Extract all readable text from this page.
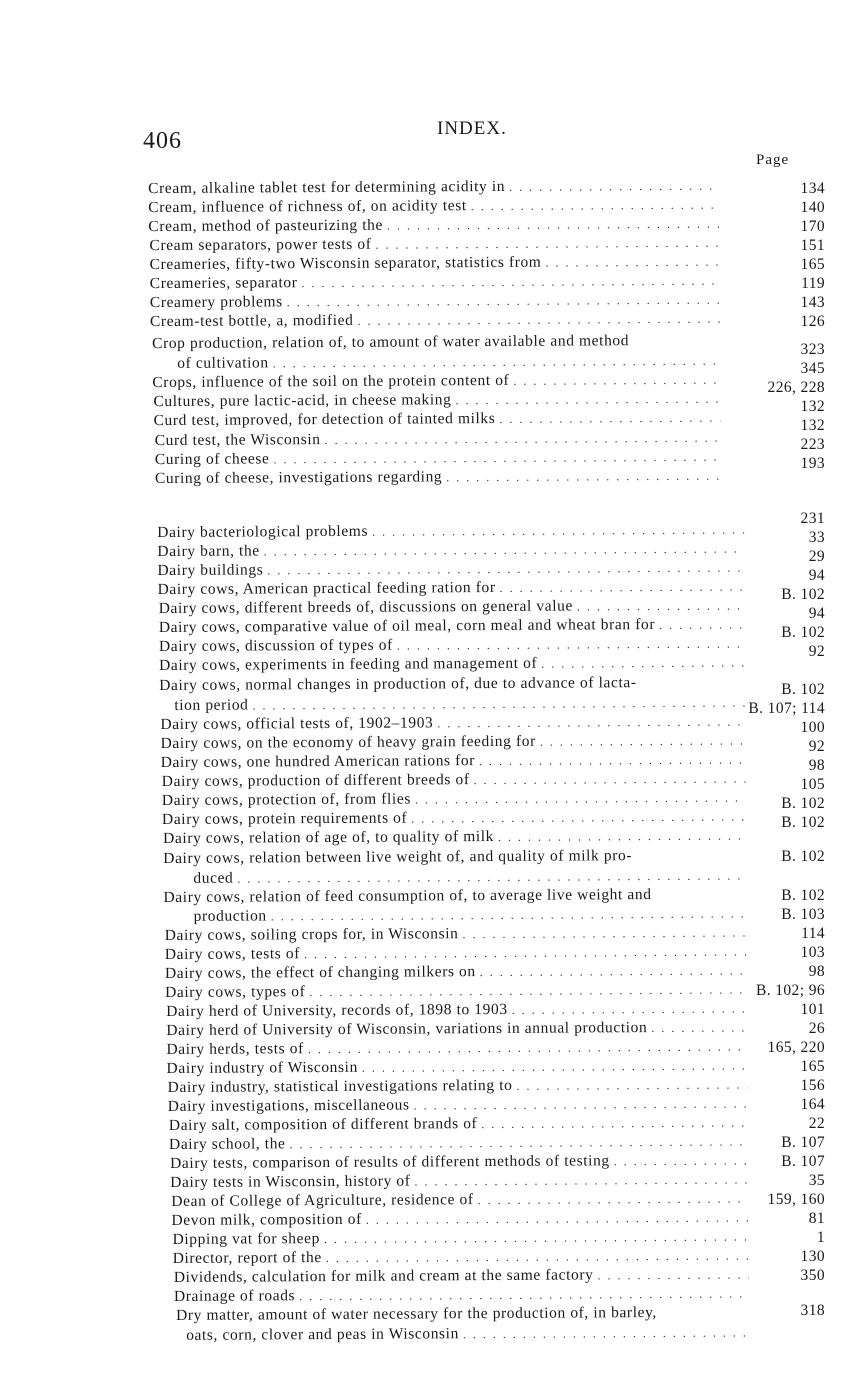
406	INDEX.
Page
Cream, alkaline tablet test for determining acidity in
. . .
Cream, influence of richness of, on acidity test
. . .
Cream, method of pasteurizing the
. . .
Cream separators, power tests of
. . .
Creameries, fifty-two Wisconsin separator, statistics from
. . .
Creameries, separator
. . .
Creamery problems
. . .
Cream-test bottle, a, modified
. . .
Crop production, relation of, to amount of water available and method
of cultivation
. . .
Crops, influence of the soil on the protein content of
. . .
Cultures, pure lactic-acid, in cheese making
. . .
Curd test, improved, for detection of tainted milks
. . .
Curd test, the Wisconsin
. . .
Curing of cheese
. . .
Curing of cheese, investigations regarding
. . .
Dairy bacteriological problems
. . .
Dairy barn, the
. . .
Dairy buildings
. . .
Dairy cows, American practical feeding ration for
. . .
Dairy cows, different breeds of, discussions on general value
. . .
Dairy cows, comparative value of oil meal, corn meal and wheat bran for
. . .
Dairy cows, discussion of types of
. . .
Dairy cows, experiments in feeding and management of
. . .
Dairy cows, normal changes in production of, due to advance of lacta-
tion period
. . .
Dairy cows, official tests of, 1902–1903
. . .
Dairy cows, on the economy of heavy grain feeding for
. . .
Dairy cows, one hundred American rations for
. . .
Dairy cows, production of different breeds of
. . .
Dairy cows, protection of, from flies
. . .
Dairy cows, protein requirements of
. . .
Dairy cows, relation of age of, to quality of milk
. . .
Dairy cows, relation between live weight of, and quality of milk pro-
duced
. . .
Dairy cows, relation of feed consumption of, to average live weight and
production
. . .
Dairy cows, soiling crops for, in Wisconsin
. . .
Dairy cows, tests of
. . .
Dairy cows, the effect of changing milkers on
. . .
Dairy cows, types of
. . .
Dairy herd of University, records of, 1898 to 1903
. . .
Dairy herd of University of Wisconsin, variations in annual production
. . .
Dairy herds, tests of
. . .
Dairy industry of Wisconsin
. . .
Dairy industry, statistical investigations relating to
. . .
Dairy investigations, miscellaneous
. . .
Dairy salt, composition of different brands of
. . .
Dairy school, the
. . .
Dairy tests, comparison of results of different methods of testing
. . .
Dairy tests in Wisconsin, history of
. . .
Dean of College of Agriculture, residence of
. . .
Devon milk, composition of
. . .
Dipping vat for sheep
. . .
Director, report of the
. . .
Dividends, calculation for milk and cream at the same factory
. . .
Drainage of roads
. . .
Dry matter, amount of water necessary for the production of, in barley,
oats, corn, clover and peas in Wisconsin
. . .
134
140
170
151
165
119
143
126
323
345
226, 228
132
132
223
193
231
33
29
94
B. 102
94
B. 102
92
B. 102
B. 107; 114
100
92
98
105
B. 102
B. 102
B. 102
B. 102
B. 103
114
103
98
B. 102; 96
101
26
165, 220
165
156
164
22
B. 107
B. 107
35
159, 160
81
1
130
350
318
